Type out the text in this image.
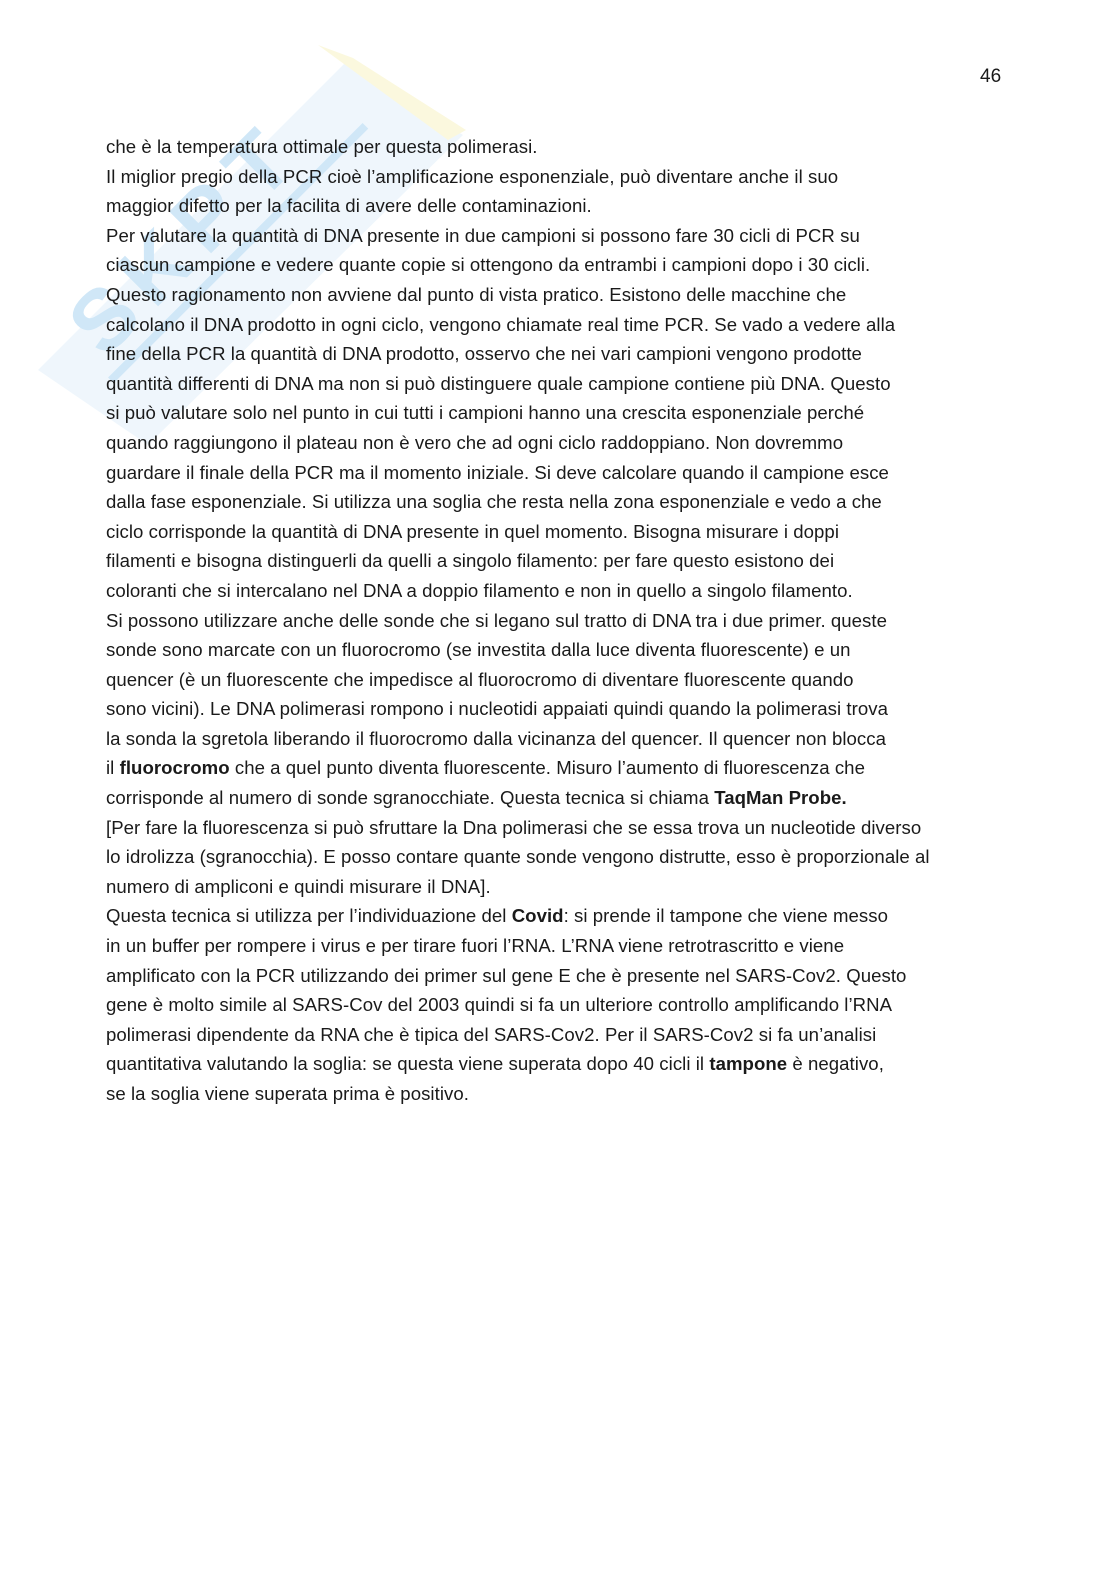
S
K
P
T
46
che è la temperatura ottimale per questa polimerasi.
Il miglior pregio della PCR cioè l’amplificazione esponenziale, può diventare anche il suo
maggior difetto per la facilita di avere delle contaminazioni.
Per valutare la quantità di DNA presente in due campioni si possono fare 30 cicli di PCR su
ciascun campione e vedere quante copie si ottengono da entrambi i campioni dopo i 30 cicli.
Questo ragionamento non avviene dal punto di vista pratico. Esistono delle macchine che
calcolano il DNA prodotto in ogni ciclo, vengono chiamate real time PCR. Se vado a vedere alla
fine della PCR la quantità di DNA prodotto, osservo che nei vari campioni vengono prodotte
quantità differenti di DNA ma non si può distinguere quale campione contiene più DNA. Questo
si può valutare solo nel punto in cui tutti i campioni hanno una crescita esponenziale perché
quando raggiungono il plateau non è vero che ad ogni ciclo raddoppiano. Non dovremmo
guardare il finale della PCR ma il momento iniziale. Si deve calcolare quando il campione esce
dalla fase esponenziale. Si utilizza una soglia che resta nella zona esponenziale e vedo a che
ciclo corrisponde la quantità di DNA presente in quel momento. Bisogna misurare i doppi
filamenti e bisogna distinguerli da quelli a singolo filamento: per fare questo esistono dei
coloranti che si intercalano nel DNA a doppio filamento e non in quello a singolo filamento.
Si possono utilizzare anche delle sonde che si legano sul tratto di DNA tra i due primer. queste
sonde sono marcate con un fluorocromo (se investita dalla luce diventa fluorescente) e un
quencer (è un fluorescente che impedisce al fluorocromo di diventare fluorescente quando
sono vicini). Le DNA polimerasi rompono i nucleotidi appaiati quindi quando la polimerasi trova
la sonda la sgretola liberando il fluorocromo dalla vicinanza del quencer. Il quencer non blocca
il fluorocromo che a quel punto diventa fluorescente. Misuro l’aumento di fluorescenza che
corrisponde al numero di sonde sgranocchiate. Questa tecnica si chiama TaqMan Probe.
[Per fare la fluorescenza si può sfruttare la Dna polimerasi che se essa trova un nucleotide diverso
lo idrolizza (sgranocchia). E posso contare quante sonde vengono distrutte, esso è proporzionale al
numero di ampliconi e quindi misurare il DNA].
Questa tecnica si utilizza per l’individuazione del Covid: si prende il tampone che viene messo
in un buffer per rompere i virus e per tirare fuori l’RNA. L’RNA viene retrotrascritto e viene
amplificato con la PCR utilizzando dei primer sul gene E che è presente nel SARS-Cov2. Questo
gene è molto simile al SARS-Cov del 2003 quindi si fa un ulteriore controllo amplificando l’RNA
polimerasi dipendente da RNA che è tipica del SARS-Cov2. Per il SARS-Cov2 si fa un’analisi
quantitativa valutando la soglia: se questa viene superata dopo 40 cicli il tampone è negativo,
se la soglia viene superata prima è positivo.
